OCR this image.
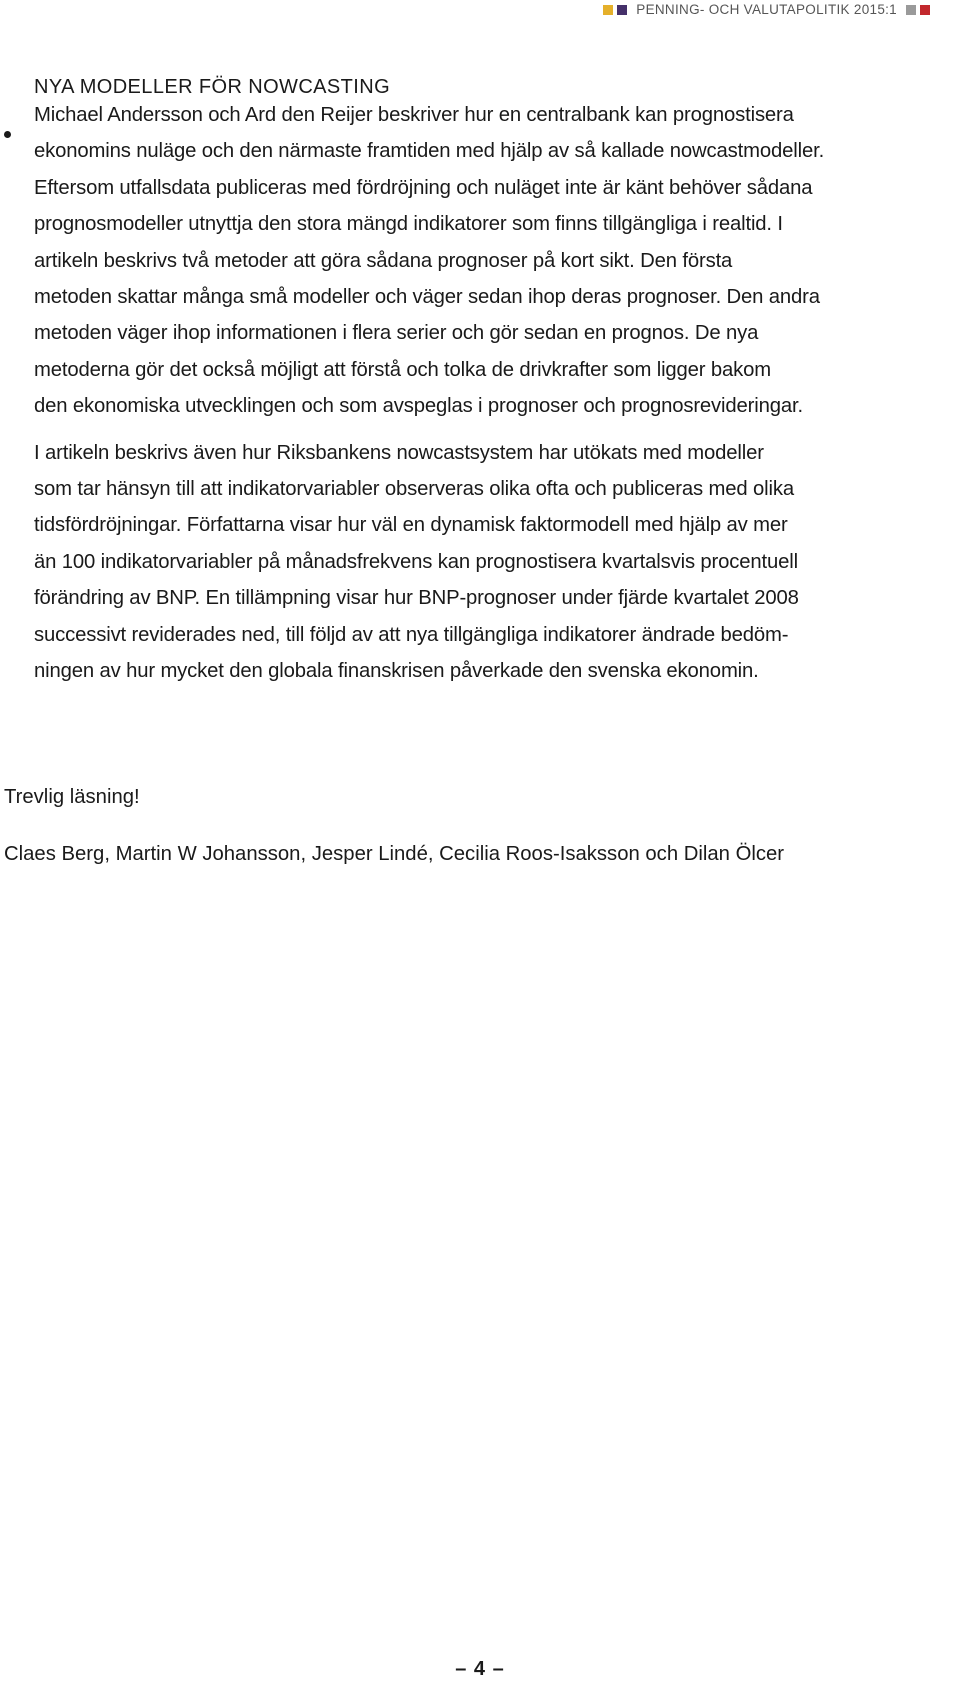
PENNING- OCH VALUTAPOLITIK 2015:1
NYA MODELLER FÖR NOWCASTING

Michael Andersson och Ard den Reijer beskriver hur en centralbank kan prognostisera
ekonomins nuläge och den närmaste framtiden med hjälp av så kallade nowcastmodeller.
Eftersom utfallsdata publiceras med fördröjning och nuläget inte är känt behöver sådana
prognosmodeller utnyttja den stora mängd indikatorer som finns tillgängliga i realtid. I
artikeln beskrivs två metoder att göra sådana prognoser på kort sikt. Den första
metoden skattar många små modeller och väger sedan ihop deras prognoser. Den andra
metoden väger ihop informationen i flera serier och gör sedan en prognos. De nya
metoderna gör det också möjligt att förstå och tolka de drivkrafter som ligger bakom
den ekonomiska utvecklingen och som avspeglas i prognoser och prognosrevideringar.

I artikeln beskrivs även hur Riksbankens nowcastsystem har utökats med modeller
som tar hänsyn till att indikatorvariabler observeras olika ofta och publiceras med olika
tidsfördröjningar. Författarna visar hur väl en dynamisk faktormodell med hjälp av mer
än 100 indikatorvariabler på månadsfrekvens kan prognostisera kvartalsvis procentuell
förändring av BNP. En tillämpning visar hur BNP-prognoser under fjärde kvartalet 2008
successivt reviderades ned, till följd av att nya tillgängliga indikatorer ändrade bedöm-
ningen av hur mycket den globala finanskrisen påverkade den svenska ekonomin.

Trevlig läsning!

Claes Berg, Martin W Johansson, Jesper Lindé, Cecilia Roos-Isaksson och Dilan Ölcer

– 4 –
